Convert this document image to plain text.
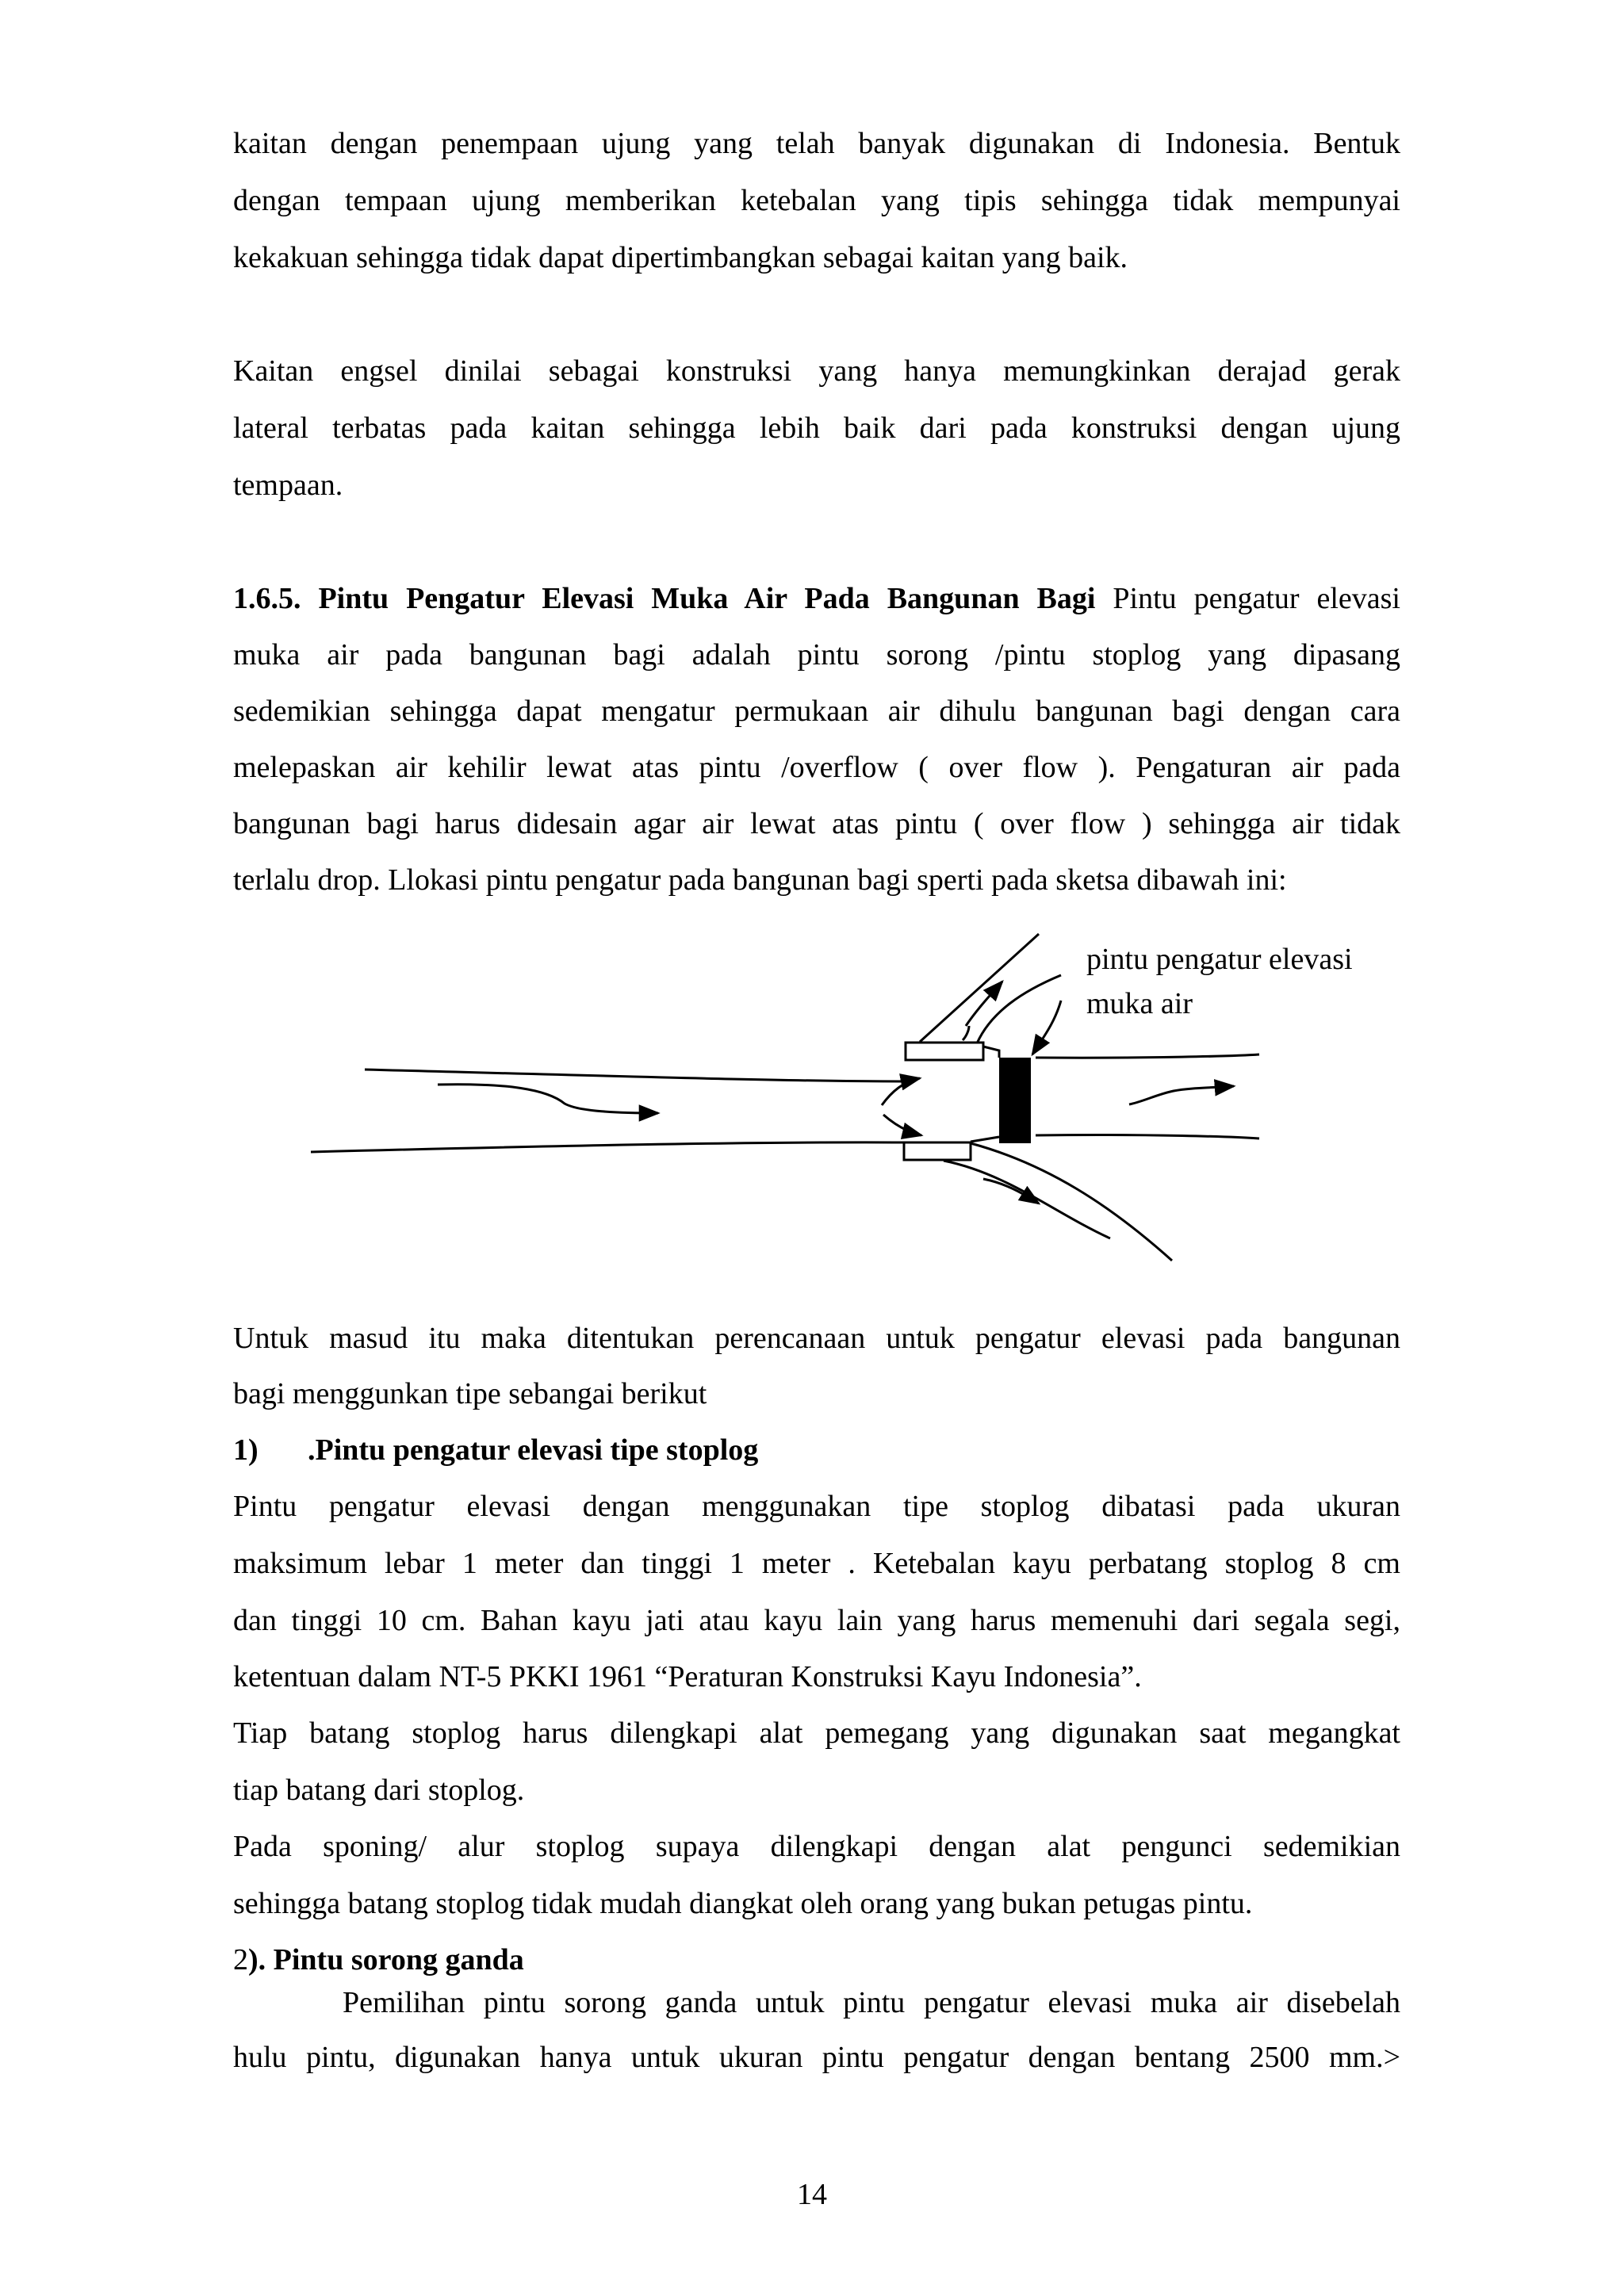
kaitan dengan penempaan ujung yang telah banyak digunakan di Indonesia. Bentuk

dengan tempaan ujung memberikan ketebalan yang tipis sehingga tidak mempunyai

kekakuan sehingga tidak dapat dipertimbangkan sebagai kaitan yang baik.

Kaitan engsel dinilai sebagai konstruksi yang hanya memungkinkan derajad gerak

lateral terbatas pada kaitan sehingga lebih baik dari pada konstruksi dengan ujung

tempaan.

1.6.5. Pintu Pengatur Elevasi Muka Air Pada Bangunan Bagi Pintu pengatur elevasi

muka air pada bangunan bagi adalah pintu sorong /pintu stoplog yang dipasang

sedemikian sehingga dapat mengatur permukaan air dihulu bangunan bagi dengan cara

melepaskan air kehilir lewat atas pintu /overflow ( over flow ). Pengaturan air pada

bangunan bagi harus didesain agar air lewat atas pintu ( over flow ) sehingga air tidak

terlalu drop. Llokasi pintu pengatur pada bangunan bagi sperti pada sketsa dibawah ini:

pintu pengatur elevasi
muka air

Untuk masud itu maka ditentukan perencanaan untuk pengatur elevasi pada bangunan

bagi menggunkan tipe sebangai berikut

1) .Pintu pengatur elevasi tipe stoplog

Pintu pengatur elevasi dengan menggunakan tipe stoplog dibatasi pada ukuran

maksimum lebar 1 meter dan tinggi 1 meter . Ketebalan kayu perbatang stoplog 8 cm

dan tinggi 10 cm. Bahan kayu jati atau kayu lain yang harus memenuhi dari segala segi,

ketentuan dalam NT-5 PKKI 1961 “Peraturan Konstruksi Kayu Indonesia”.

Tiap batang stoplog harus dilengkapi alat pemegang yang digunakan saat megangkat

tiap batang dari stoplog.

Pada sponing/ alur stoplog supaya dilengkapi dengan alat pengunci sedemikian

sehingga batang stoplog tidak mudah diangkat oleh orang yang bukan petugas pintu.

2). Pintu sorong ganda

Pemilihan pintu sorong ganda untuk pintu pengatur elevasi muka air disebelah

hulu pintu, digunakan hanya untuk ukuran pintu pengatur dengan bentang 2500 mm.>

14
